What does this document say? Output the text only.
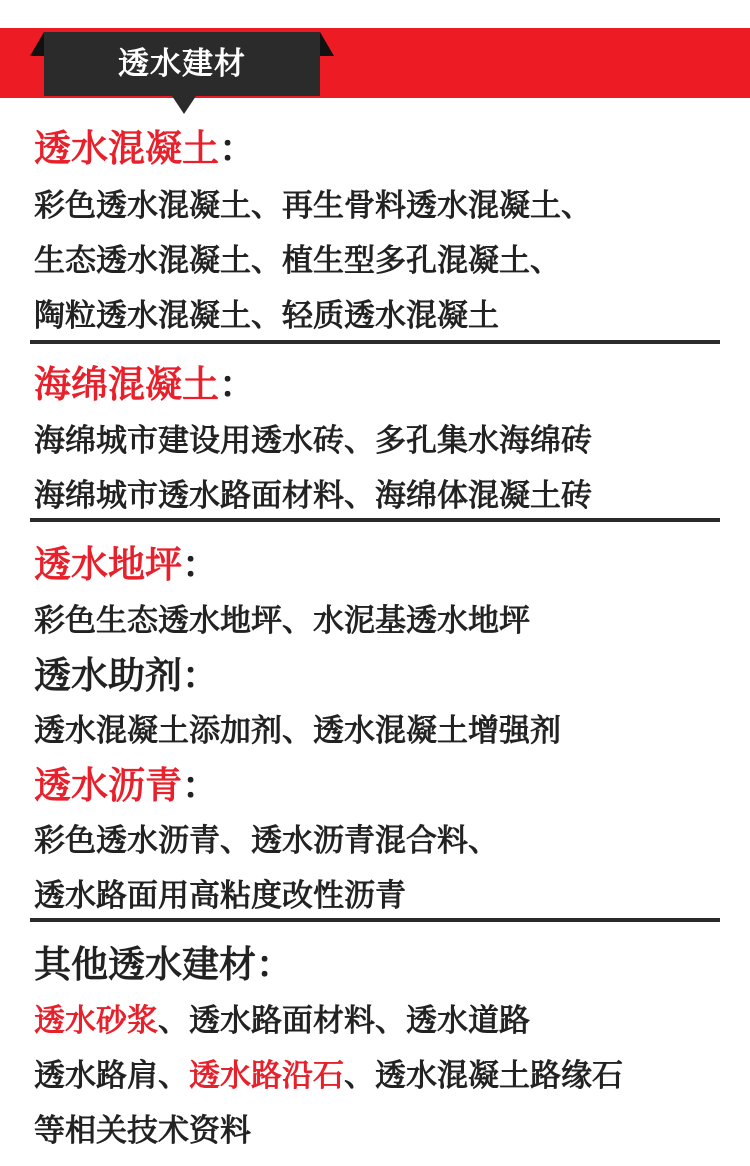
透水建材
透水混凝土：
彩色透水混凝土、再生骨料透水混凝土、
生态透水混凝土、植生型多孔混凝土、
陶粒透水混凝土、轻质透水混凝土
海绵混凝土：
海绵城市建设用透水砖、多孔集水海绵砖
海绵城市透水路面材料、海绵体混凝土砖
透水地坪：
彩色生态透水地坪、水泥基透水地坪
透水助剂：
透水混凝土添加剂、透水混凝土增强剂
透水沥青：
彩色透水沥青、透水沥青混合料、
透水路面用高粘度改性沥青
其他透水建材：
透水砂浆、透水路面材料、透水道路
透水路肩、透水路沿石、透水混凝土路缘石
等相关技术资料
